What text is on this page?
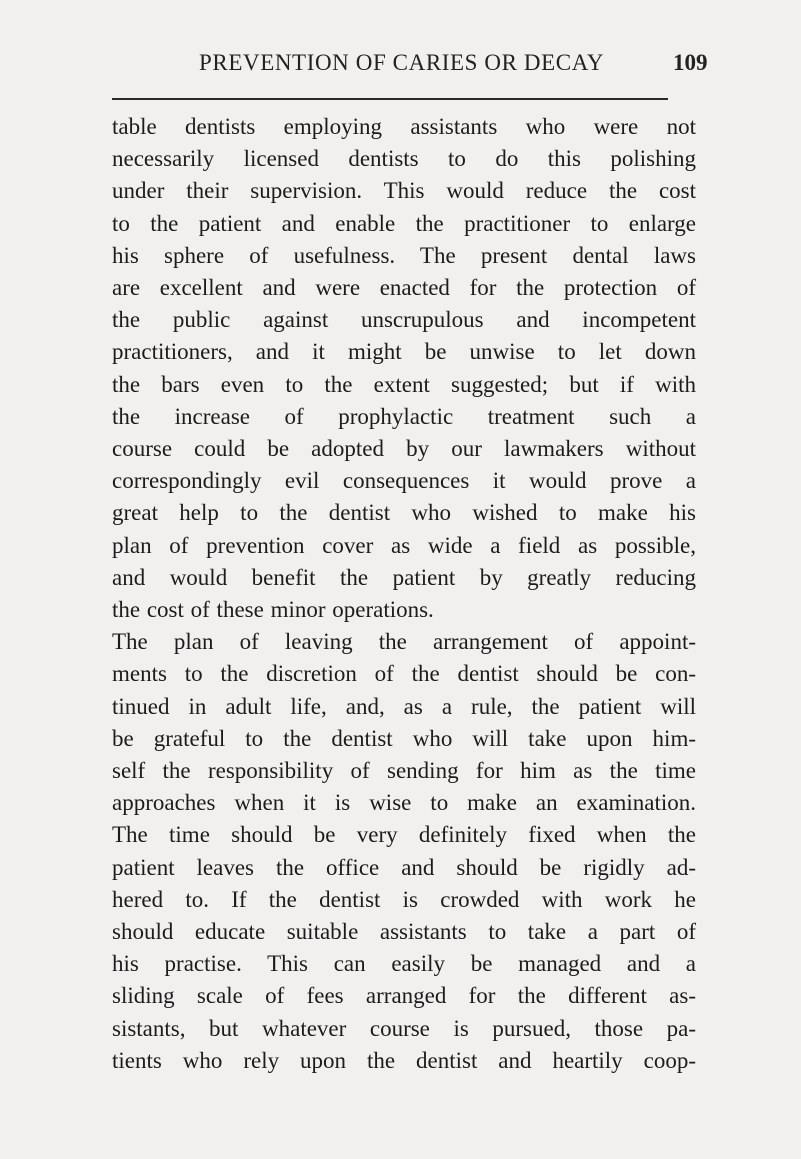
PREVENTION OF CARIES OR DECAY	109

table dentists employing assistants who were not

necessarily licensed dentists to do this polishing

under their supervision. This would reduce the cost

to the patient and enable the practitioner to enlarge

his sphere of usefulness. The present dental laws

are excellent and were enacted for the protection of

the public against unscrupulous and incompetent

practitioners, and it might be unwise to let down

the bars even to the extent suggested; but if with

the increase of prophylactic treatment such a

course could be adopted by our lawmakers without

correspondingly evil consequences it would prove a

great help to the dentist who wished to make his

plan of prevention cover as wide a field as possible,

and would benefit the patient by greatly reducing

the cost of these minor operations.

The plan of leaving the arrangement of appoint-

ments to the discretion of the dentist should be con-

tinued in adult life, and, as a rule, the patient will

be grateful to the dentist who will take upon him-

self the responsibility of sending for him as the time

approaches when it is wise to make an examination.

The time should be very definitely fixed when the

patient leaves the office and should be rigidly ad-

hered to. If the dentist is crowded with work he

should educate suitable assistants to take a part of

his practise. This can easily be managed and a

sliding scale of fees arranged for the different as-

sistants, but whatever course is pursued, those pa-

tients who rely upon the dentist and heartily coop-
